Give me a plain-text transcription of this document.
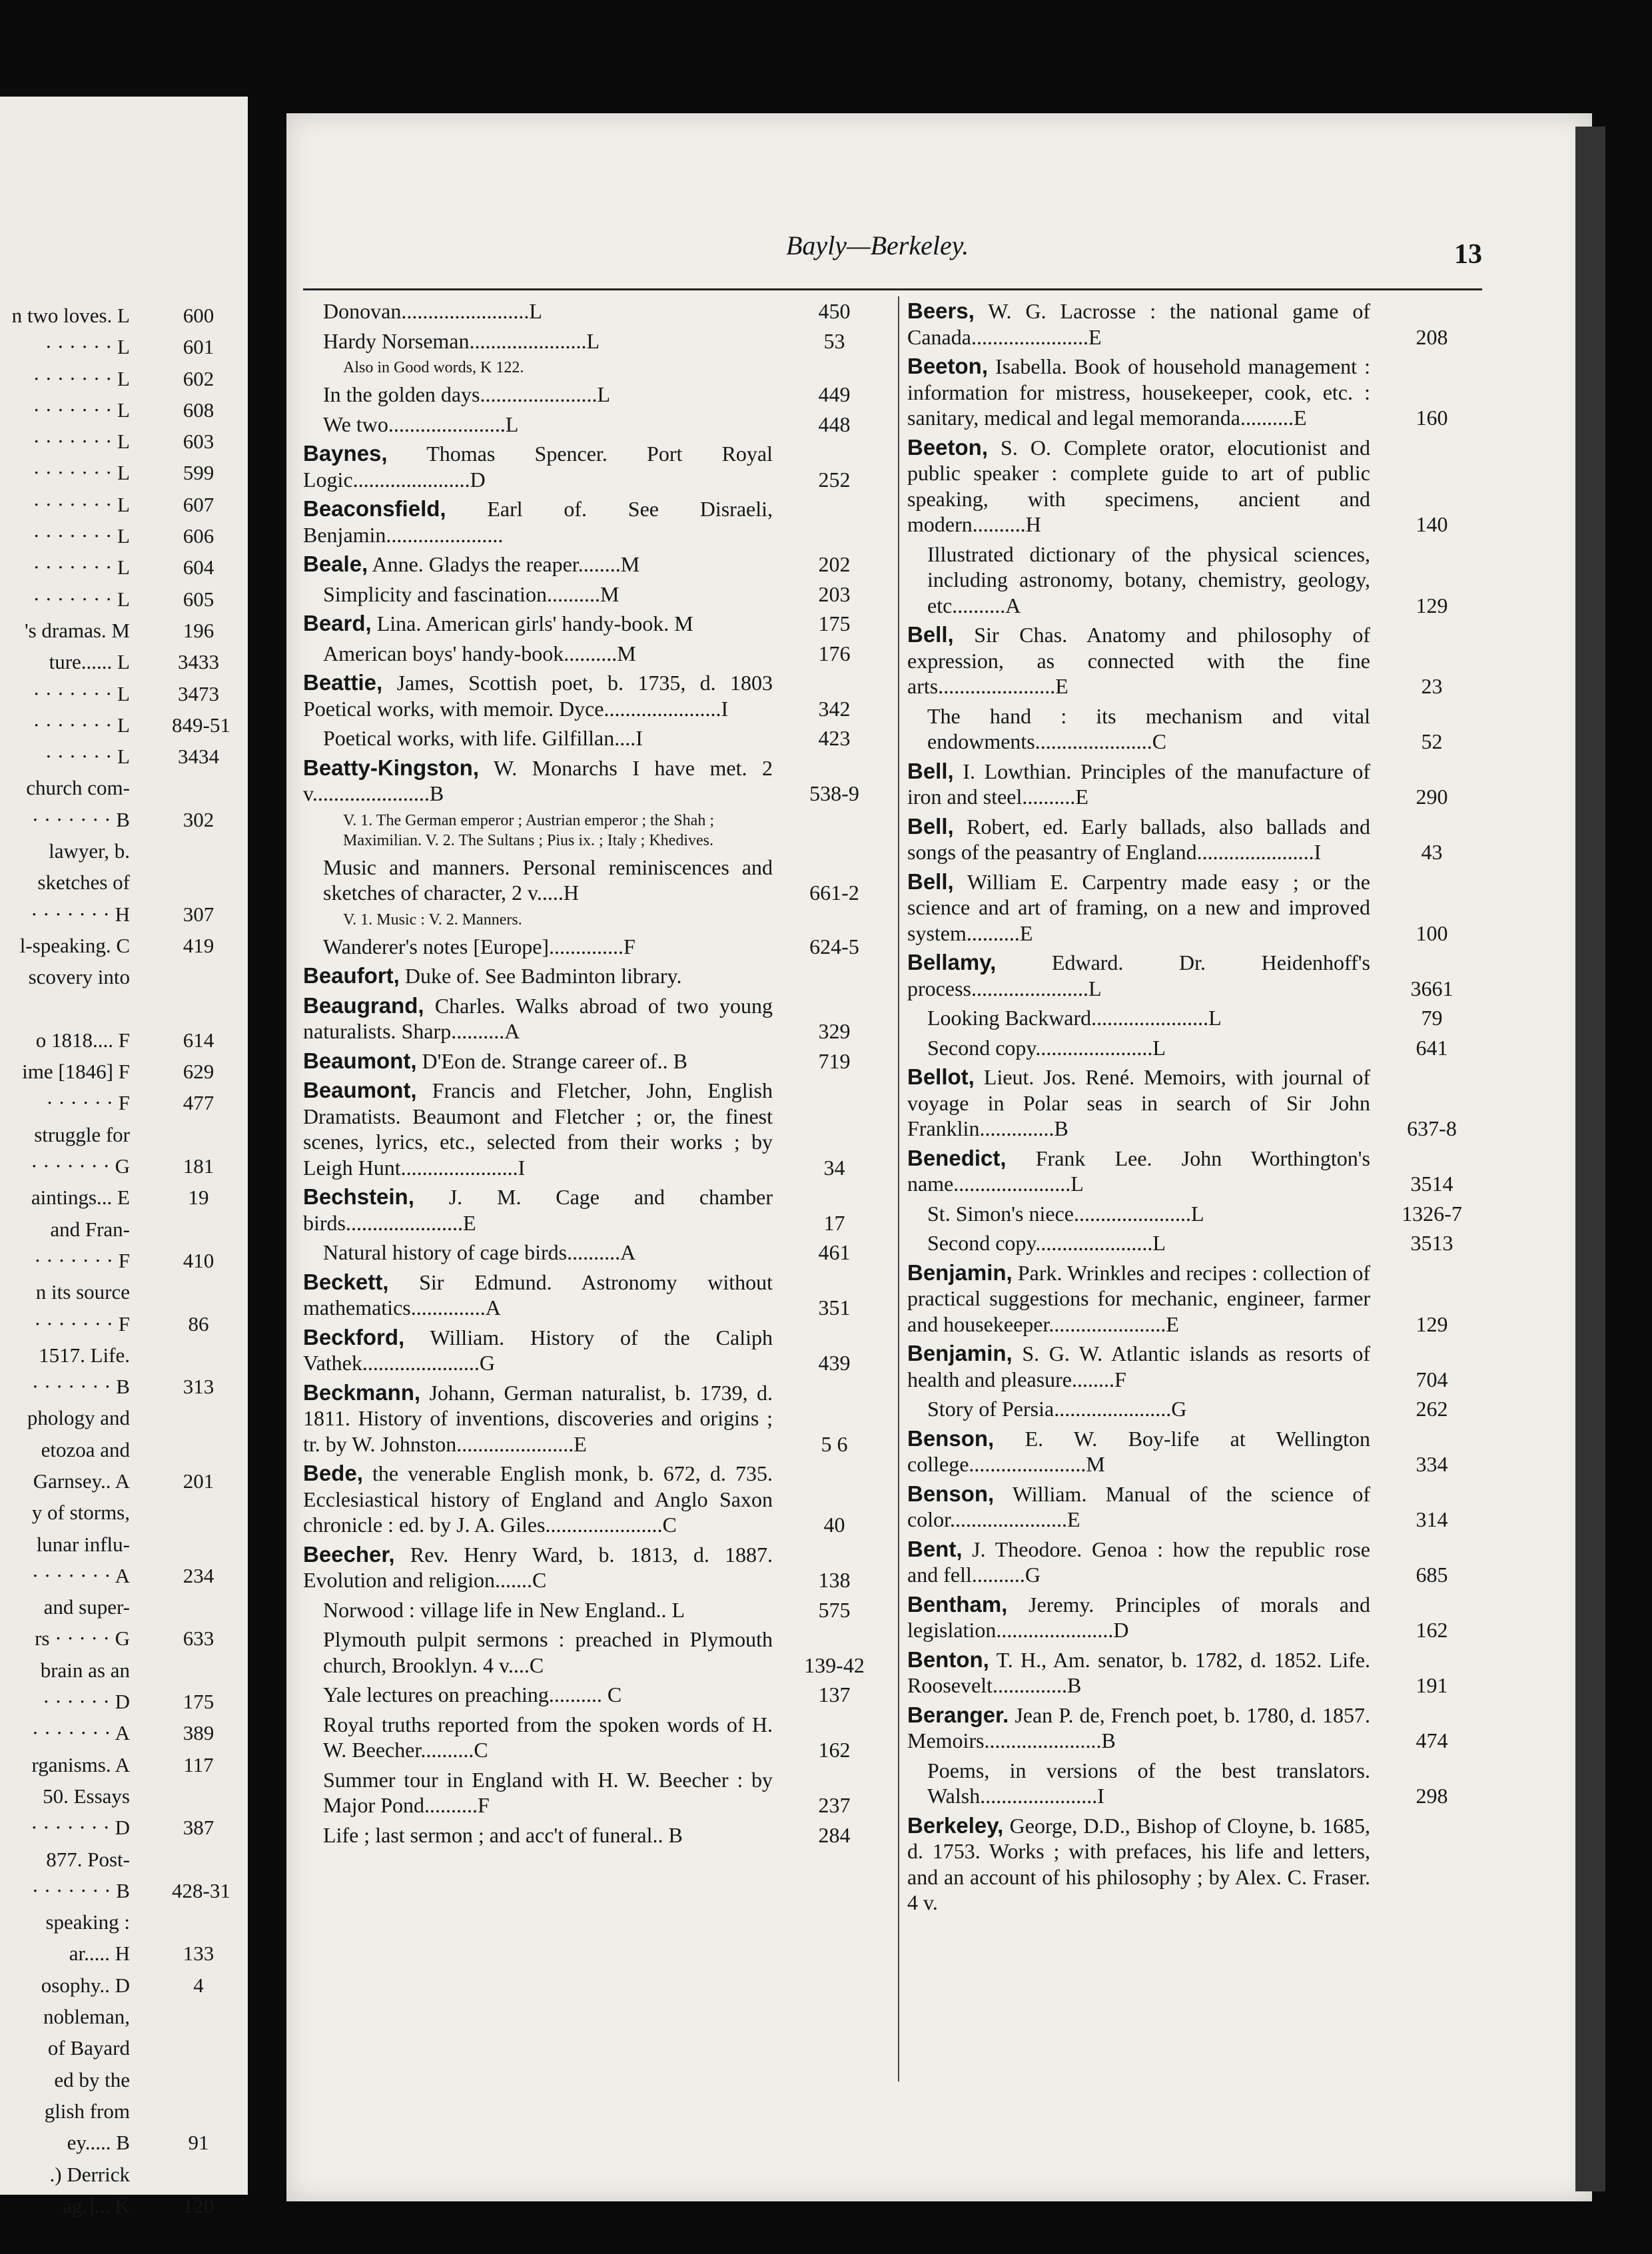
n two loves. L	600
· · · · · · L	601
· · · · · · · L	602
· · · · · · · L	608
· · · · · · · L	603
· · · · · · · L	599
· · · · · · · L	607
· · · · · · · L	606
· · · · · · · L	604
· · · · · · · L	605
's dramas. M	196
ture...... L 3433
· · · · · · · L 3473
· · · · · · · L 849-51
· · · · · · L 3434
church com-
· · · · · · · B	302
lawyer, b.
sketches of
· · · · · · · H	307
l-speaking. C	419
scovery into
o 1818.... F	614
ime [1846] F	629
· · · · · · F	477
struggle for
· · · · · · · G	181
aintings... E	19
and Fran-
· · · · · · · F	410
n its source
· · · · · · · F	86
1517. Life.
· · · · · · · B	313
phology and
etozoa and
Garnsey.. A	201
y of storms,
lunar influ-
· · · · · · · A	234
and super-
rs · · · · · G	633
brain as an
· · · · · · D	175
· · · · · · · A	389
rganisms. A	117
50. Essays
· · · · · · · D	387
877. Post-
· · · · · · · B 428-31
speaking :
ar..... H	133
osophy.. D	4
nobleman,
of Bayard
ed by the
glish from
ey..... B	91
.) Derrick
ag.]... K	120
Bayly—Berkeley.	13
Donovan........................L	450
Hardy Norseman......................L	53
Also in Good words, K 122.
In the golden days......................L	449
We two......................L	448
Baynes, Thomas Spencer. Port Royal Logic......................D	252
Beaconsfield, Earl of. See Disraeli, Benjamin......................
Beale, Anne. Gladys the reaper........M	202
Simplicity and fascination..........M	203
Beard, Lina. American girls' handy-book. M	175
American boys' handy-book..........M	176
Beattie, James, Scottish poet, b. 1735, d. 1803 Poetical works, with memoir. Dyce......................I	342
Poetical works, with life. Gilfillan....I	423
Beatty-Kingston, W. Monarchs I have met. 2 v......................B	538-9
V. 1. The German emperor ; Austrian emperor ; the Shah ; Maximilian. V. 2. The Sultans ; Pius ix. ; Italy ; Khedives.
Music and manners. Personal reminiscences and sketches of character, 2 v.....H	661-2
V. 1. Music : V. 2. Manners.
Wanderer's notes [Europe]..............F	624-5
Beaufort, Duke of. See Badminton library.
Beaugrand, Charles. Walks abroad of two young naturalists. Sharp..........A	329
Beaumont, D'Eon de. Strange career of.. B	719
Beaumont, Francis and Fletcher, John, English Dramatists. Beaumont and Fletcher ; or, the finest scenes, lyrics, etc., selected from their works ; by Leigh Hunt......................I	34
Bechstein, J. M. Cage and chamber birds......................E	17
Natural history of cage birds..........A	461
Beckett, Sir Edmund. Astronomy without mathematics..............A	351
Beckford, William. History of the Caliph Vathek......................G	439
Beckmann, Johann, German naturalist, b. 1739, d. 1811. History of inventions, discoveries and origins ; tr. by W. Johnston......................E	5 6
Bede, the venerable English monk, b. 672, d. 735. Ecclesiastical history of England and Anglo Saxon chronicle : ed. by J. A. Giles......................C	40
Beecher, Rev. Henry Ward, b. 1813, d. 1887. Evolution and religion.......C	138
Norwood : village life in New England.. L	575
Plymouth pulpit sermons : preached in Plymouth church, Brooklyn. 4 v....C	139-42
Yale lectures on preaching.......... C	137
Royal truths reported from the spoken words of H. W. Beecher..........C	162
Summer tour in England with H. W. Beecher : by Major Pond..........F	237
Life ; last sermon ; and acc't of funeral.. B	284
Beers, W. G. Lacrosse : the national game of Canada......................E	208
Beeton, Isabella. Book of household management : information for mistress, housekeeper, cook, etc. : sanitary, medical and legal memoranda..........E	160
Beeton, S. O. Complete orator, elocutionist and public speaker : complete guide to art of public speaking, with specimens, ancient and modern..........H	140
Illustrated dictionary of the physical sciences, including astronomy, botany, chemistry, geology, etc..........A	129
Bell, Sir Chas. Anatomy and philosophy of expression, as connected with the fine arts......................E	23
The hand : its mechanism and vital endowments......................C	52
Bell, I. Lowthian. Principles of the manufacture of iron and steel..........E	290
Bell, Robert, ed. Early ballads, also ballads and songs of the peasantry of England......................I	43
Bell, William E. Carpentry made easy ; or the science and art of framing, on a new and improved system..........E	100
Bellamy,	Edward. Dr. Heidenhoff's process......................L	3661
Looking Backward......................L	79
Second copy......................L	641
Bellot, Lieut. Jos. René. Memoirs, with journal of voyage in Polar seas in search of Sir John Franklin..............B	637-8
Benedict, Frank Lee. John Worthington's name......................L	3514
St. Simon's niece......................L	1326-7
Second copy......................L	3513
Benjamin, Park. Wrinkles and recipes : collection of practical suggestions for mechanic, engineer, farmer and housekeeper......................E	129
Benjamin, S. G. W. Atlantic islands as resorts of health and pleasure........F	704
Story of Persia......................G	262
Benson, E. W. Boy-life at Wellington college......................M	334
Benson, William. Manual of the science of color......................E	314
Bent, J. Theodore. Genoa : how the republic rose and fell..........G	685
Bentham, Jeremy. Principles of morals and legislation......................D	162
Benton, T. H., Am. senator, b. 1782, d. 1852. Life. Roosevelt..............B	191
Beranger. Jean P. de, French poet, b. 1780, d. 1857. Memoirs......................B	474
Poems, in versions of the best translators. Walsh......................I	298
Berkeley, George, D.D., Bishop of Cloyne, b. 1685, d. 1753. Works ; with prefaces, his life and letters, and an account of his philosophy ; by Alex. C. Fraser. 4 v.
